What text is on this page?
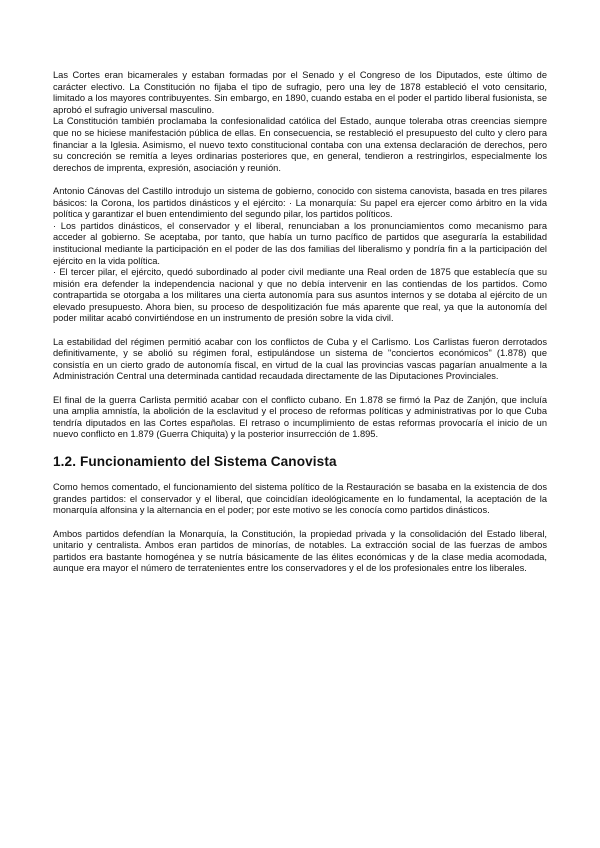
Las Cortes eran bicamerales y estaban formadas por el Senado y el Congreso de los Diputados, este último de carácter electivo. La Constitución no fijaba el tipo de sufragio, pero una ley de 1878 estableció el voto censitario, limitado a los mayores contribuyentes. Sin embargo, en 1890, cuando estaba en el poder el partido liberal fusionista, se aprobó el sufragio universal masculino.

La Constitución también proclamaba la confesionalidad católica del Estado, aunque toleraba otras creencias siempre que no se hiciese manifestación pública de ellas. En consecuencia, se restableció el presupuesto del culto y clero para financiar a la Iglesia. Asimismo, el nuevo texto constitucional contaba con una extensa declaración de derechos, pero su concreción se remitía a leyes ordinarias posteriores que, en general, tendieron a restringirlos, especialmente los derechos de imprenta, expresión, asociación y reunión.

Antonio Cánovas del Castillo introdujo un sistema de gobierno, conocido con sistema canovista, basada en tres pilares básicos: la Corona, los partidos dinásticos y el ejército: · La monarquía: Su papel era ejercer como árbitro en la vida política y garantizar el buen entendimiento del segundo pilar, los partidos políticos.

· Los partidos dinásticos, el conservador y el liberal, renunciaban a los pronunciamientos como mecanismo para acceder al gobierno. Se aceptaba, por tanto, que había un turno pacífico de partidos que aseguraría la estabilidad institucional mediante la participación en el poder de las dos familias del liberalismo y pondría fin a la participación del ejército en la vida política.

· El tercer pilar, el ejército, quedó subordinado al poder civil mediante una Real orden de 1875 que establecía que su misión era defender la independencia nacional y que no debía intervenir en las contiendas de los partidos. Como contrapartida se otorgaba a los militares una cierta autonomía para sus asuntos internos y se dotaba al ejército de un elevado presupuesto. Ahora bien, su proceso de despolitización fue más aparente que real, ya que la autonomía del poder militar acabó convirtiéndose en un instrumento de presión sobre la vida civil.

La estabilidad del régimen permitió acabar con los conflictos de Cuba y el Carlismo. Los Carlistas fueron derrotados definitivamente, y se abolió su régimen foral, estipulándose un sistema de "conciertos económicos" (1.878) que consistía en un cierto grado de autonomía fiscal, en virtud de la cual las provincias vascas pagarían anualmente a la Administración Central una determinada cantidad recaudada directamente de las Diputaciones Provinciales.

El final de la guerra Carlista permitió acabar con el conflicto cubano. En 1.878 se firmó la Paz de Zanjón, que incluía una amplia amnistía, la abolición de la esclavitud y el proceso de reformas políticas y administrativas por lo que Cuba tendría diputados en las Cortes españolas. El retraso o incumplimiento de estas reformas provocaría el inicio de un nuevo conflicto en 1.879 (Guerra Chiquita) y la posterior insurrección de 1.895.

1.2. Funcionamiento del Sistema Canovista

Como hemos comentado, el funcionamiento del sistema político de la Restauración se basaba en la existencia de dos grandes partidos: el conservador y el liberal, que coincidían ideológicamente en lo fundamental, la aceptación de la monarquía alfonsina y la alternancia en el poder; por este motivo se les conocía como partidos dinásticos.

Ambos partidos defendían la Monarquía, la Constitución, la propiedad privada y la consolidación del Estado liberal, unitario y centralista. Ambos eran partidos de minorías, de notables. La extracción social de las fuerzas de ambos partidos era bastante homogénea y se nutría básicamente de las élites económicas y de la clase media acomodada, aunque era mayor el número de terratenientes entre los conservadores y el de los profesionales entre los liberales.
